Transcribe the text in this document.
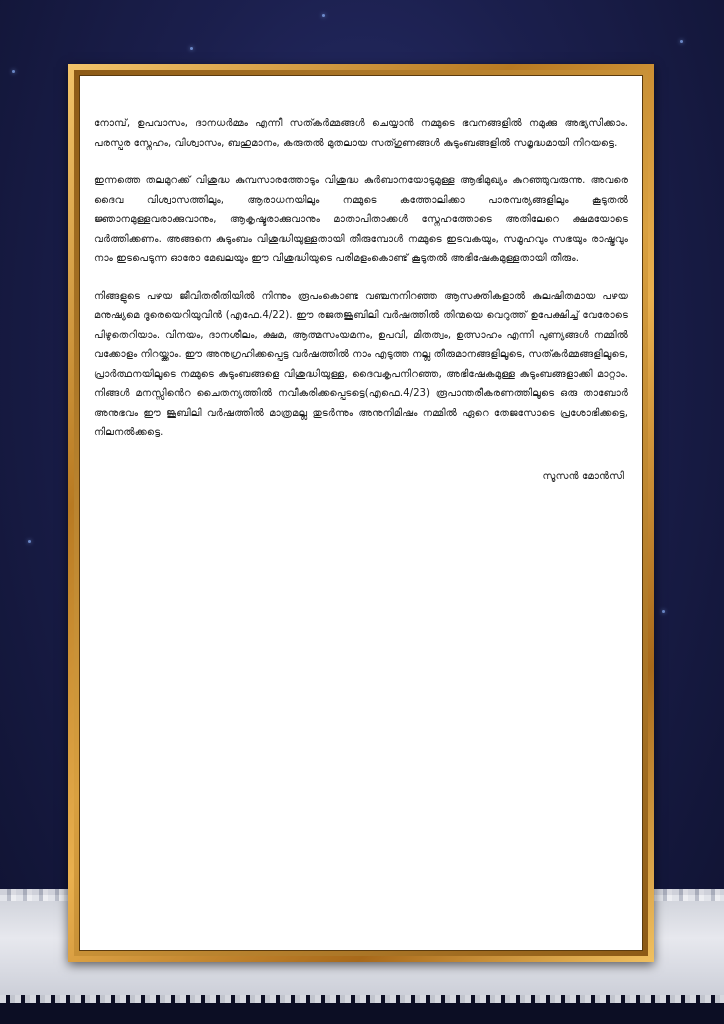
നോമ്പ്, ഉപവാസം, ദാനധർമ്മം എന്നീ സത്കർമ്മങ്ങൾ ചെയ്യാൻ നമ്മുടെ ഭവനങ്ങളിൽ നമുക്കു അഭ്യസിക്കാം. പരസ്പര സ്നേഹം, വിശ്വാസം, ബഹുമാനം, കരുതൽ മുതലായ സത്ഗുണങ്ങൾ കുടുംബങ്ങളിൽ സമൃദ്ധമായി നിറയട്ടെ.

ഇന്നത്തെ തലമുറക്ക് വിശുദ്ധ കുമ്പസാരത്തോടും വിശുദ്ധ കുർബാനയോടുമുള്ള ആഭിമുഖ്യം കുറഞ്ഞുവരുന്നു. അവരെ ദൈവ വിശ്വാസത്തിലും, ആരാധനയിലും നമ്മുടെ കത്തോലിക്കാ പാരമ്പര്യങ്ങളിലും കൂടുതൽ ജ്ഞാനമുള്ളവരാക്കുവാനും, ആകൃഷ്ടരാക്കുവാനും മാതാപിതാക്കൾ സ്നേഹത്തോടെ അതിലേറെ ക്ഷമയോടെ വർത്തിക്കണം. അങ്ങനെ കുടുംബം വിശുദ്ധിയുള്ളതായി തീരുമ്പോൾ നമ്മുടെ ഇടവകയും, സമൂഹവും സഭയും രാഷ്ട്രവും നാം ഇടപെടുന്ന ഓരോ മേഖലയും ഈ വിശുദ്ധിയുടെ പരിമളംകൊണ്ട് കൂടുതൽ അഭിഷേകമുള്ളതായി തീരും.

നിങ്ങളുടെ പഴയ ജീവിതരീതിയിൽ നിന്നും രൂപംകൊണ്ട വഞ്ചനനിറഞ്ഞ ആസക്തികളാൽ കുലഷിതമായ പഴയ മനുഷ്യമെ ദൂരെയെറിയുവിൻ (എഫേ.4/22). ഈ രജതജൂബിലി വർഷത്തിൽ തിന്മയെ വെറുത്ത് ഉപേക്ഷിച്ച് വേരോടെ പിഴുതെറിയാം. വിനയം, ദാനശീലം, ക്ഷമ, ആത്മസംയമനം, ഉപവി, മിതത്വം, ഉത്സാഹം എന്നി പുണ്യങ്ങൾ നമ്മിൽ വക്കോളം നിറയ്ക്കാം. ഈ അനുഗ്രഹിക്കപ്പെട്ട വർഷത്തിൽ നാം എടുത്ത നല്ല തീരുമാനങ്ങളിലൂടെ, സത്കർമ്മങ്ങളിലൂടെ, പ്രാർത്ഥനയിലൂടെ നമ്മുടെ കുടുംബങ്ങളെ വിശുദ്ധിയുള്ള, ദൈവകൃപനിറഞ്ഞ, അഭിഷേകമുള്ള കുടുംബങ്ങളാക്കി മാറ്റാം. നിങ്ങൾ മനസ്സിൻെറ ചൈതന്യത്തിൽ നവീകരിക്കപ്പെടട്ടെ(എഫെ.4/23) രൂപാന്തരീകരണത്തിലൂടെ ഒരു താബോർ അനുഭവം ഈ ജൂബിലി വർഷത്തിൽ മാത്രമല്ല തുടർന്നും അനുനിമിഷം നമ്മിൽ ഏറെ തേജസോടെ പ്രശോഭിക്കട്ടെ, നിലനൽക്കട്ടെ.

സൂസൻ മോൻസി
